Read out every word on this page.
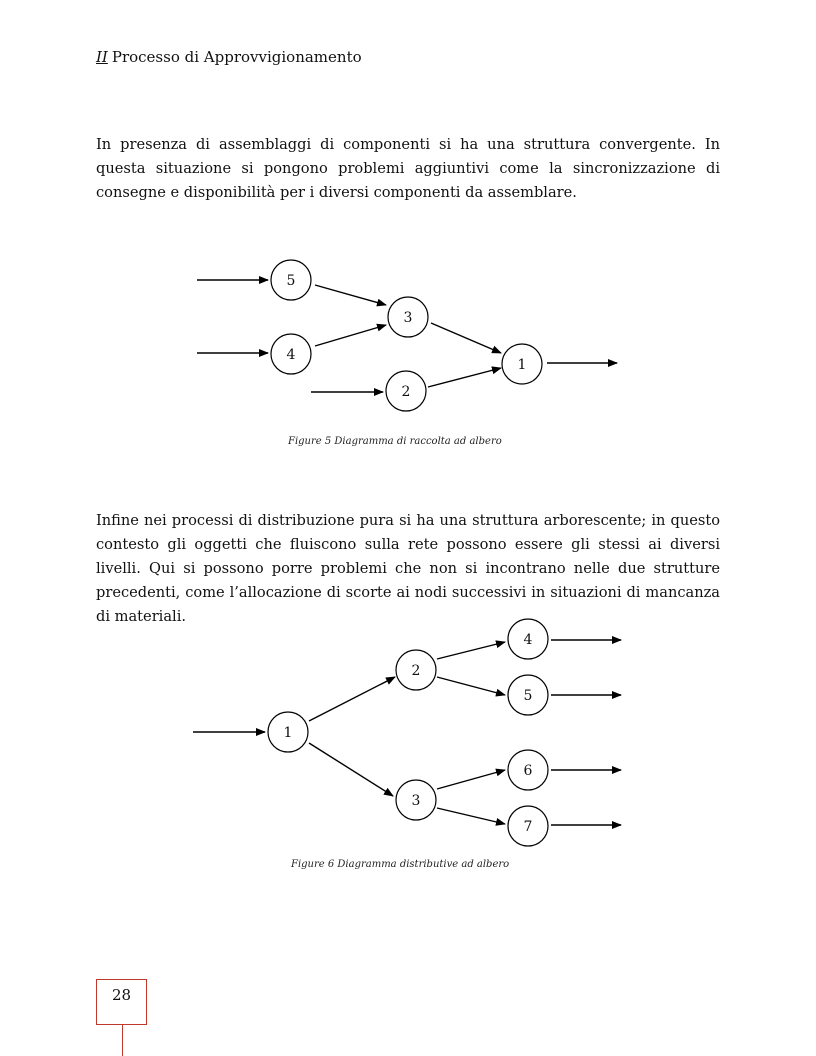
II Processo di Approvvigionamento

In presenza di assemblaggi di componenti si ha una struttura convergente. In questa situazione si pongono problemi aggiuntivi come la sincronizzazione di consegne e disponibilità per i diversi componenti da assemblare.

5
4
3
2
1
Figure 5 Diagramma di raccolta ad albero

Infine nei processi di distribuzione pura si ha una struttura arborescente; in questo contesto gli oggetti che fluiscono sulla rete possono essere gli stessi ai diversi livelli. Qui si possono porre problemi che non si incontrano nelle due strutture precedenti, come l’allocazione di scorte ai nodi successivi in situazioni di mancanza di materiali.

1
2
3
4
5
6
7
Figure 6 Diagramma distributive ad albero
28
